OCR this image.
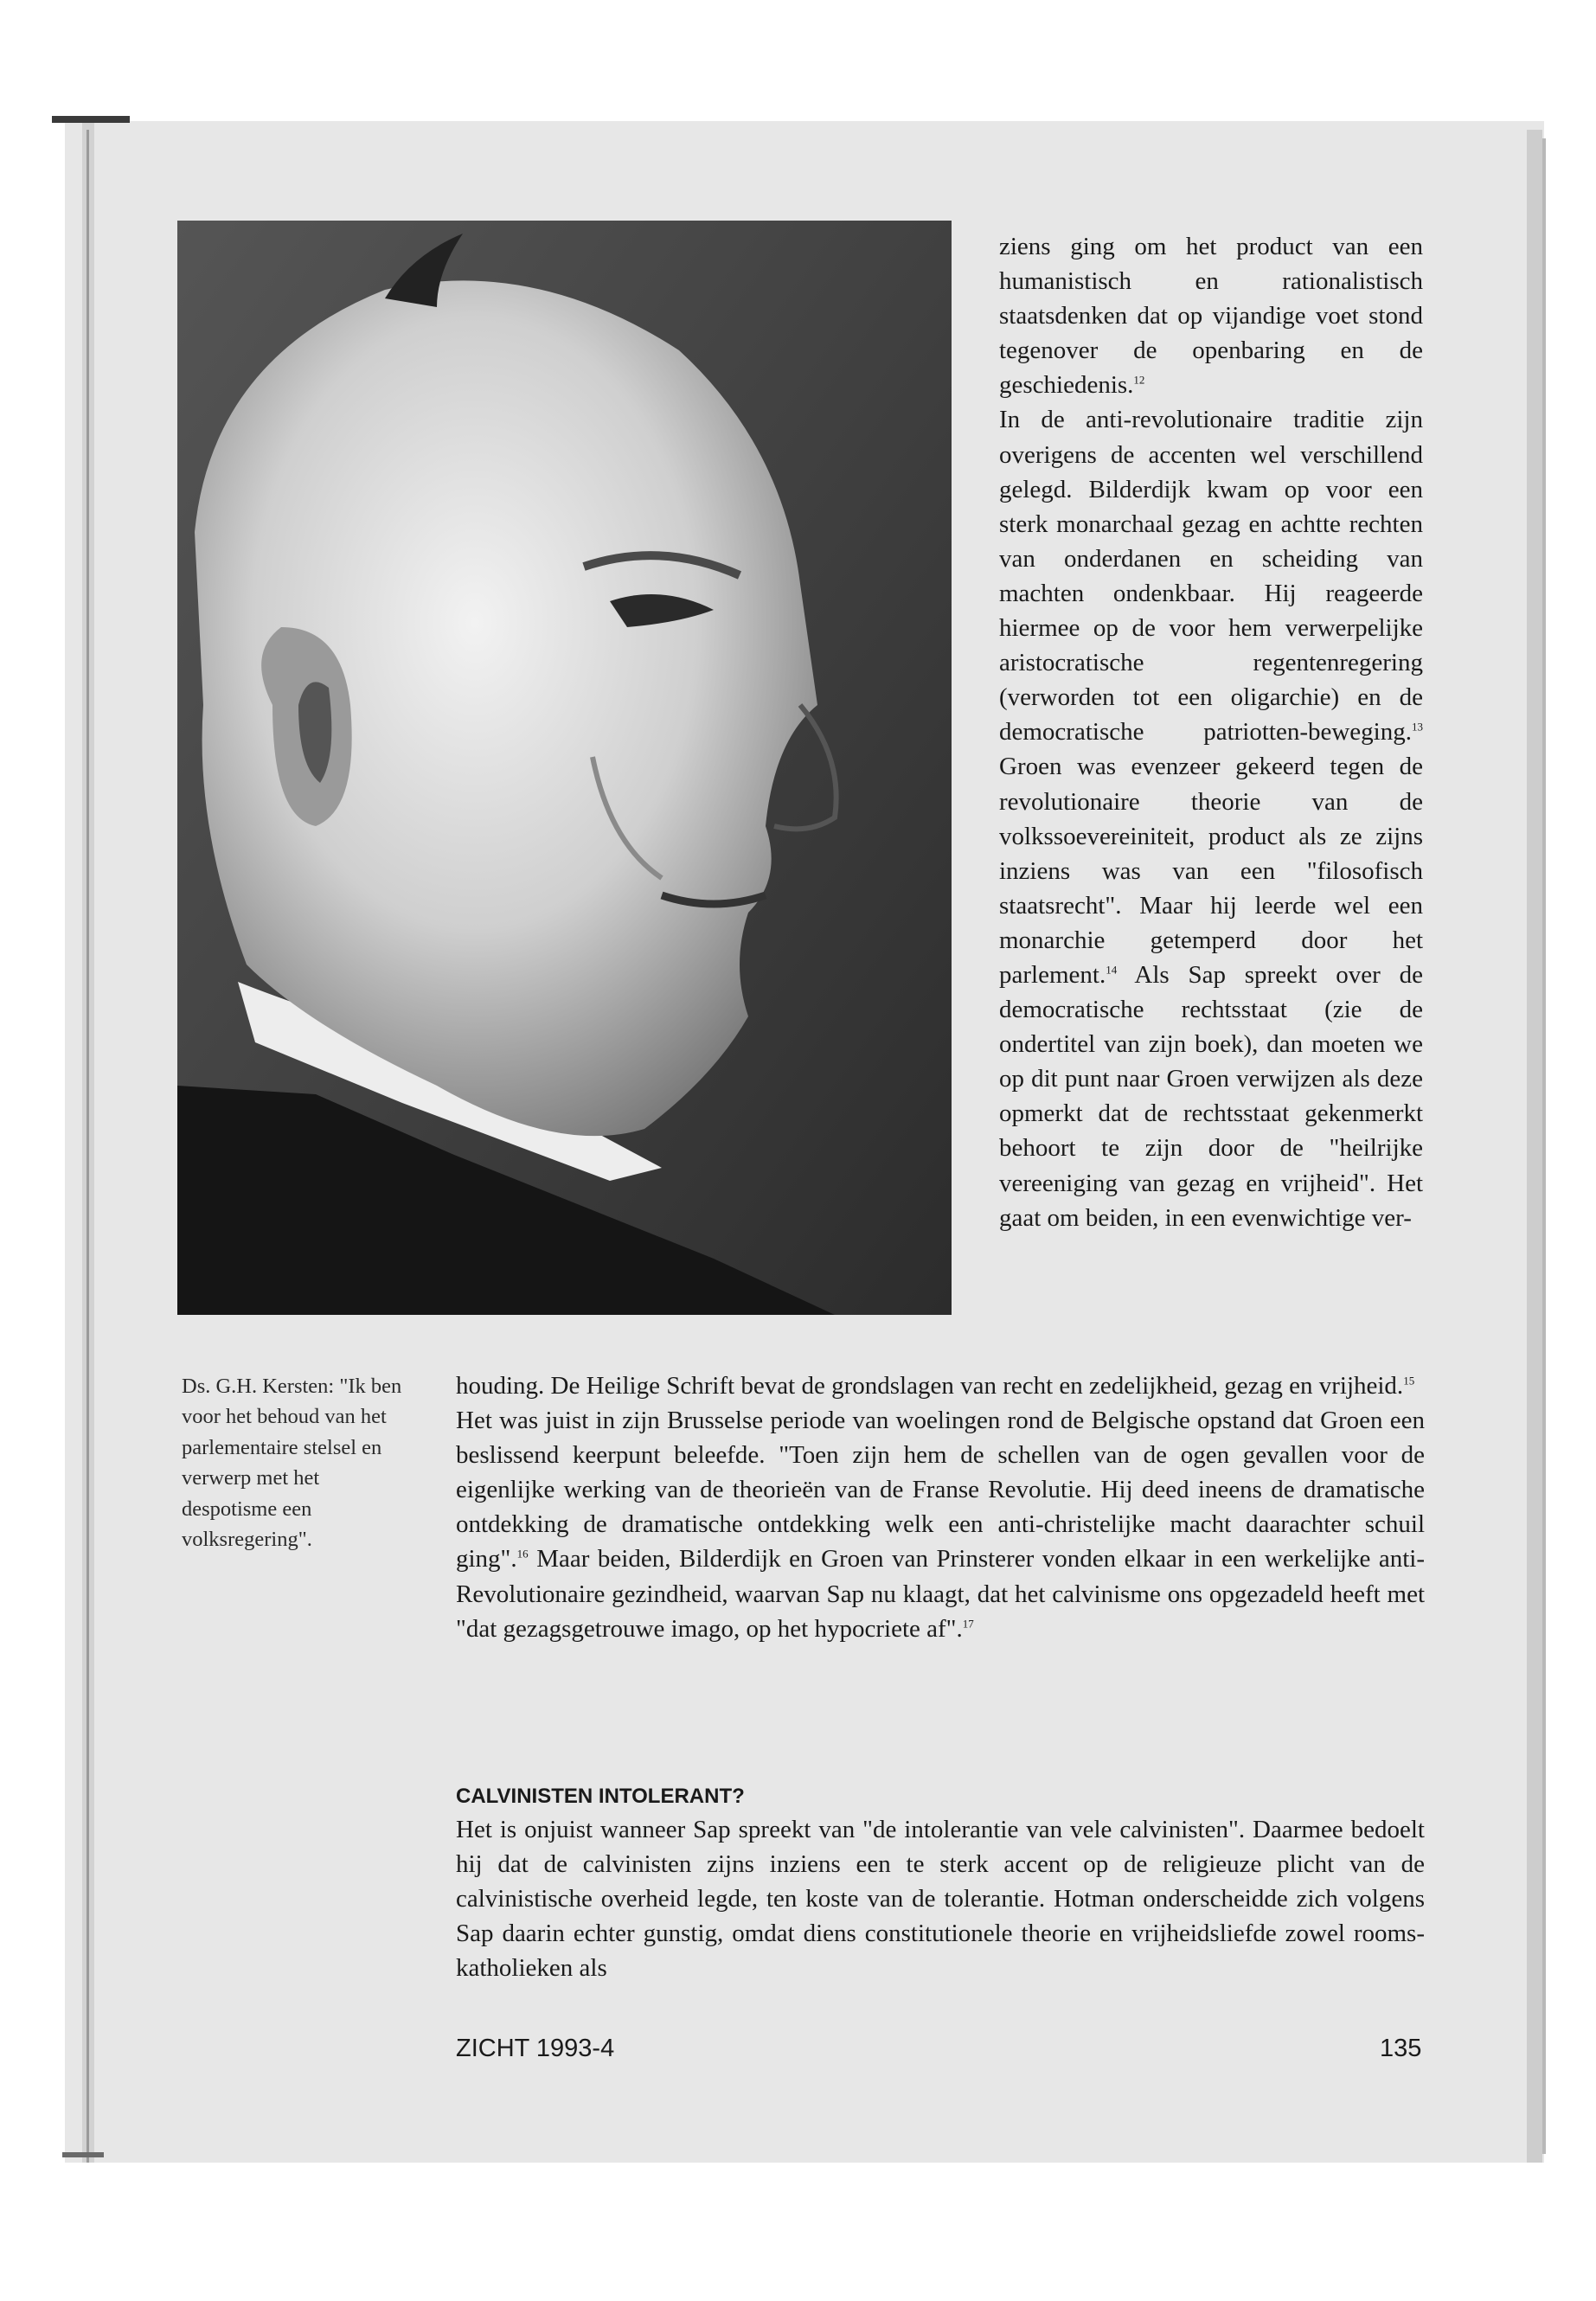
ziens ging om het product van een humanistisch en rationalistisch staatsdenken dat op vijandige voet stond tegenover de openbaring en de geschiedenis.$^{12}$

In de anti-revolutionaire traditie zijn overigens de accenten wel verschillend gelegd. Bilderdijk kwam op voor een sterk monarchaal gezag en achtte rechten van onderdanen en scheiding van machten ondenkbaar. Hij reageerde hiermee op de voor hem verwerpelijke aristocratische regentenregering (verworden tot een oligarchie) en de democratische patriotten-beweging.$^{13}$ Groen was evenzeer gekeerd tegen de revolutionaire theorie van de volkssoevereiniteit, product als ze zijns inziens was van een "filosofisch staatsrecht". Maar hij leerde wel een monarchie getemperd door het parlement.$^{14}$ Als Sap spreekt over de democratische rechtsstaat (zie de ondertitel van zijn boek), dan moeten we op dit punt naar Groen verwijzen als deze opmerkt dat de rechtsstaat gekenmerkt behoort te zijn door de "heilrijke vereeniging van gezag en vrijheid". Het gaat om beiden, in een evenwichtige ver-

Ds. G.H. Kersten: "Ik ben voor het behoud van het parlementaire stelsel en verwerp met het despotisme een volksregering".

houding. De Heilige Schrift bevat de grondslagen van recht en zedelijkheid, gezag en vrijheid.$^{15}$

Het was juist in zijn Brusselse periode van woelingen rond de Belgische opstand dat Groen een beslissend keerpunt beleefde. "Toen zijn hem de schellen van de ogen gevallen voor de eigenlijke werking van de theorieën van de Franse Revolutie. Hij deed ineens de dramatische ontdekking de dramatische ontdekking welk een anti-christelijke macht daarachter schuil ging".$^{16}$ Maar beiden, Bilderdijk en Groen van Prinsterer vonden elkaar in een werkelijke anti-Revolutionaire gezindheid, waarvan Sap nu klaagt, dat het calvinisme ons opgezadeld heeft met "dat gezagsgetrouwe imago, op het hypocriete af".$^{17}$

CALVINISTEN INTOLERANT?

Het is onjuist wanneer Sap spreekt van "de intolerantie van vele calvinisten". Daarmee bedoelt hij dat de calvinisten zijns inziens een te sterk accent op de religieuze plicht van de calvinistische overheid legde, ten koste van de tolerantie. Hotman onderscheidde zich volgens Sap daarin echter gunstig, omdat diens constitutionele theorie en vrijheidsliefde zowel rooms-katholieken als

ZICHT 1993-4	135
